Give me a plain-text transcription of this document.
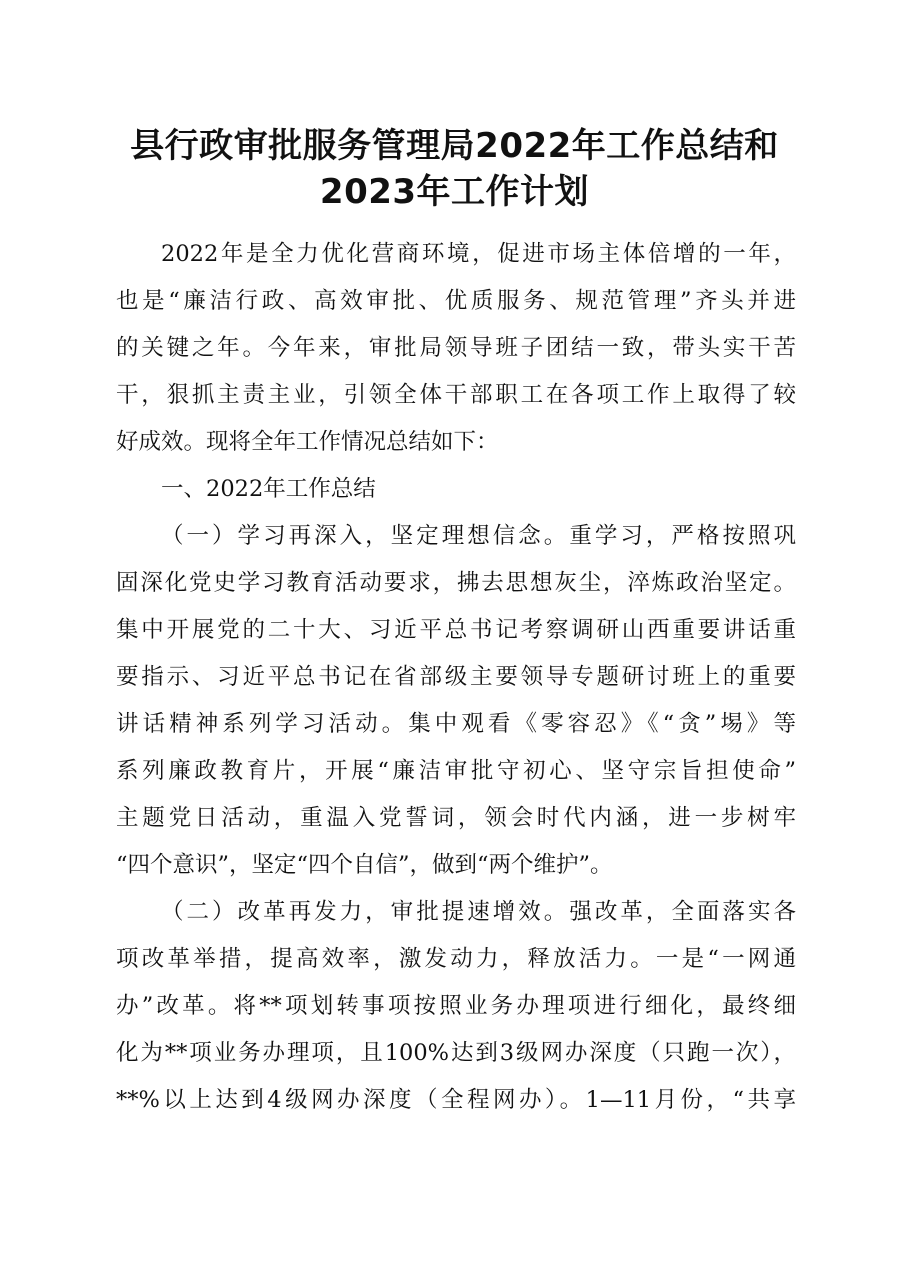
县行政审批服务管理局2022年工作总结和
2023年工作计划
2022年是全力优化营商环境，促进市场主体倍增的一年，
也是“廉洁行政、高效审批、优质服务、规范管理”齐头并进
的关键之年。今年来，审批局领导班子团结一致，带头实干苦
干，狠抓主责主业，引领全体干部职工在各项工作上取得了较
好成效。现将全年工作情况总结如下：
一、2022年工作总结
（一）学习再深入，坚定理想信念。重学习，严格按照巩
固深化党史学习教育活动要求，拂去思想灰尘，淬炼政治坚定。
集中开展党的二十大、习近平总书记考察调研山西重要讲话重
要指示、习近平总书记在省部级主要领导专题研讨班上的重要
讲话精神系列学习活动。集中观看《零容忍》《“贪”埸》等
系列廉政教育片，开展“廉洁审批守初心、坚守宗旨担使命”
主题党日活动，重温入党誓词，领会时代内涵，进一步树牢
“四个意识”，坚定“四个自信”，做到“两个维护”。
（二）改革再发力，审批提速增效。强改革，全面落实各
项改革举措，提高效率，激发动力，释放活力。一是“一网通
办”改革。将**项划转事项按照业务办理项进行细化，最终细
化为**项业务办理项，且100%达到3级网办深度（只跑一次），
**%以上达到4级网办深度（全程网办）。1—11月份，“共享
